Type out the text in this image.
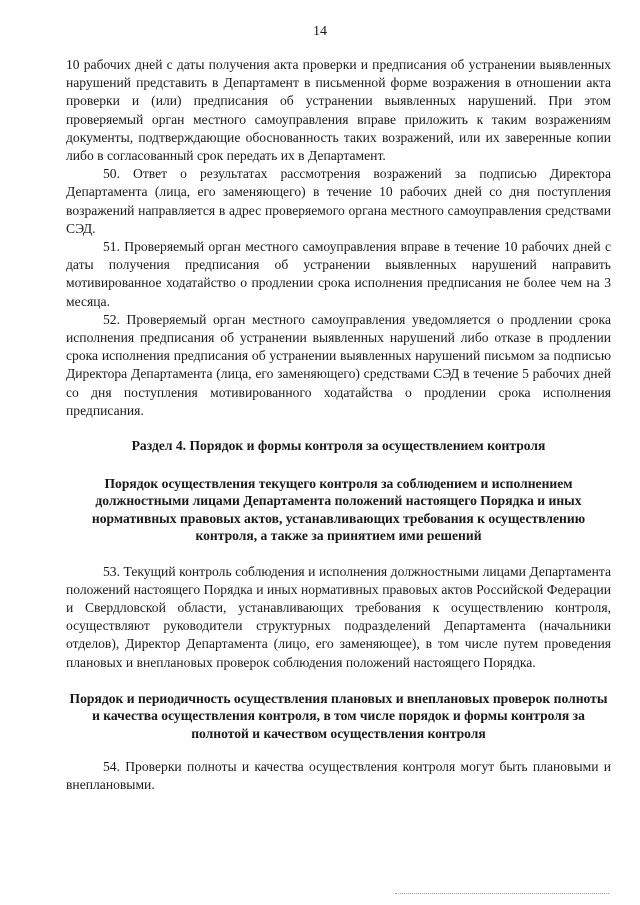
14

10 рабочих дней с даты получения акта проверки и предписания об устранении выявленных нарушений представить в Департамент в письменной форме возражения в отношении акта проверки и (или) предписания об устранении выявленных нарушений. При этом проверяемый орган местного самоуправления вправе приложить к таким возражениям документы, подтверждающие обоснованность таких возражений, или их заверенные копии либо в согласованный срок передать их в Департамент.

50. Ответ о результатах рассмотрения возражений за подписью Директора Департамента (лица, его заменяющего) в течение 10 рабочих дней со дня поступления возражений направляется в адрес проверяемого органа местного самоуправления средствами СЭД.

51. Проверяемый орган местного самоуправления вправе в течение 10 рабочих дней с даты получения предписания об устранении выявленных нарушений направить мотивированное ходатайство о продлении срока исполнения предписания не более чем на 3 месяца.

52. Проверяемый орган местного самоуправления уведомляется о продлении срока исполнения предписания об устранении выявленных нарушений либо отказе в продлении срока исполнения предписания об устранении выявленных нарушений письмом за подписью Директора Департамента (лица, его заменяющего) средствами СЭД в течение 5 рабочих дней со дня поступления мотивированного ходатайства о продлении срока исполнения предписания.

Раздел 4. Порядок и формы контроля за осуществлением контроля
Порядок осуществления текущего контроля за соблюдением и исполнением должностными лицами Департамента положений настоящего Порядка и иных нормативных правовых актов, устанавливающих требования к осуществлению контроля, а также за принятием ими решений

53. Текущий контроль соблюдения и исполнения должностными лицами Департамента положений настоящего Порядка и иных нормативных правовых актов Российской Федерации и Свердловской области, устанавливающих требования к осуществлению контроля, осуществляют руководители структурных подразделений Департамента (начальники отделов), Директор Департамента (лицо, его заменяющее), в том числе путем проведения плановых и внеплановых проверок соблюдения положений настоящего Порядка.

Порядок и периодичность осуществления плановых и внеплановых проверок полноты и качества осуществления контроля, в том числе порядок и формы контроля за полнотой и качеством осуществления контроля

54. Проверки полноты и качества осуществления контроля могут быть плановыми и внеплановыми.
